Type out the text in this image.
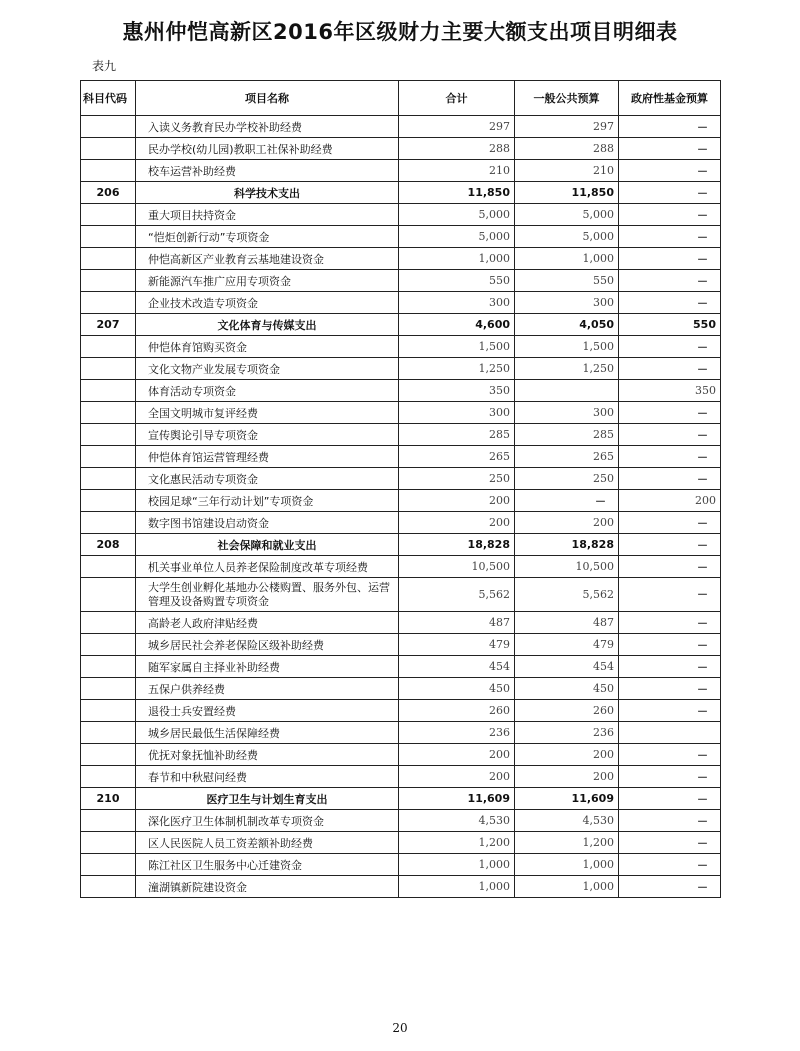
惠州仲恺高新区2016年区级财力主要大额支出项目明细表
表九
科目代码	项目名称	合计	一般公共预算	政府性基金预算
	入读义务教育民办学校补助经费	297	297	－
	民办学校(幼儿园)教职工社保补助经费	288	288	－
	校车运营补助经费	210	210	－
206	科学技术支出	11,850	11,850	－
	重大项目扶持资金	5,000	5,000	－
	“恺炬创新行动”专项资金	5,000	5,000	－
	仲恺高新区产业教育云基地建设资金	1,000	1,000	－
	新能源汽车推广应用专项资金	550	550	－
	企业技术改造专项资金	300	300	－
207	文化体育与传媒支出	4,600	4,050	550
	仲恺体育馆购买资金	1,500	1,500	－
	文化文物产业发展专项资金	1,250	1,250	－
	体育活动专项资金	350		350
	全国文明城市复评经费	300	300	－
	宣传舆论引导专项资金	285	285	－
	仲恺体育馆运营管理经费	265	265	－
	文化惠民活动专项资金	250	250	－
	校园足球“三年行动计划”专项资金	200	－	200
	数字图书馆建设启动资金	200	200	－
208	社会保障和就业支出	18,828	18,828	－
	机关事业单位人员养老保险制度改革专项经费	10,500	10,500	－
	大学生创业孵化基地办公楼购置、服务外包、运营管理及设备购置专项资金	5,562	5,562	－
	高龄老人政府津贴经费	487	487	－
	城乡居民社会养老保险区级补助经费	479	479	－
	随军家属自主择业补助经费	454	454	－
	五保户供养经费	450	450	－
	退役士兵安置经费	260	260	－
	城乡居民最低生活保障经费	236	236	
	优抚对象抚恤补助经费	200	200	－
	春节和中秋慰问经费	200	200	－
210	医疗卫生与计划生育支出	11,609	11,609	－
	深化医疗卫生体制机制改革专项资金	4,530	4,530	－
	区人民医院人员工资差额补助经费	1,200	1,200	－
	陈江社区卫生服务中心迁建资金	1,000	1,000	－
	潼湖镇新院建设资金	1,000	1,000	－
20
